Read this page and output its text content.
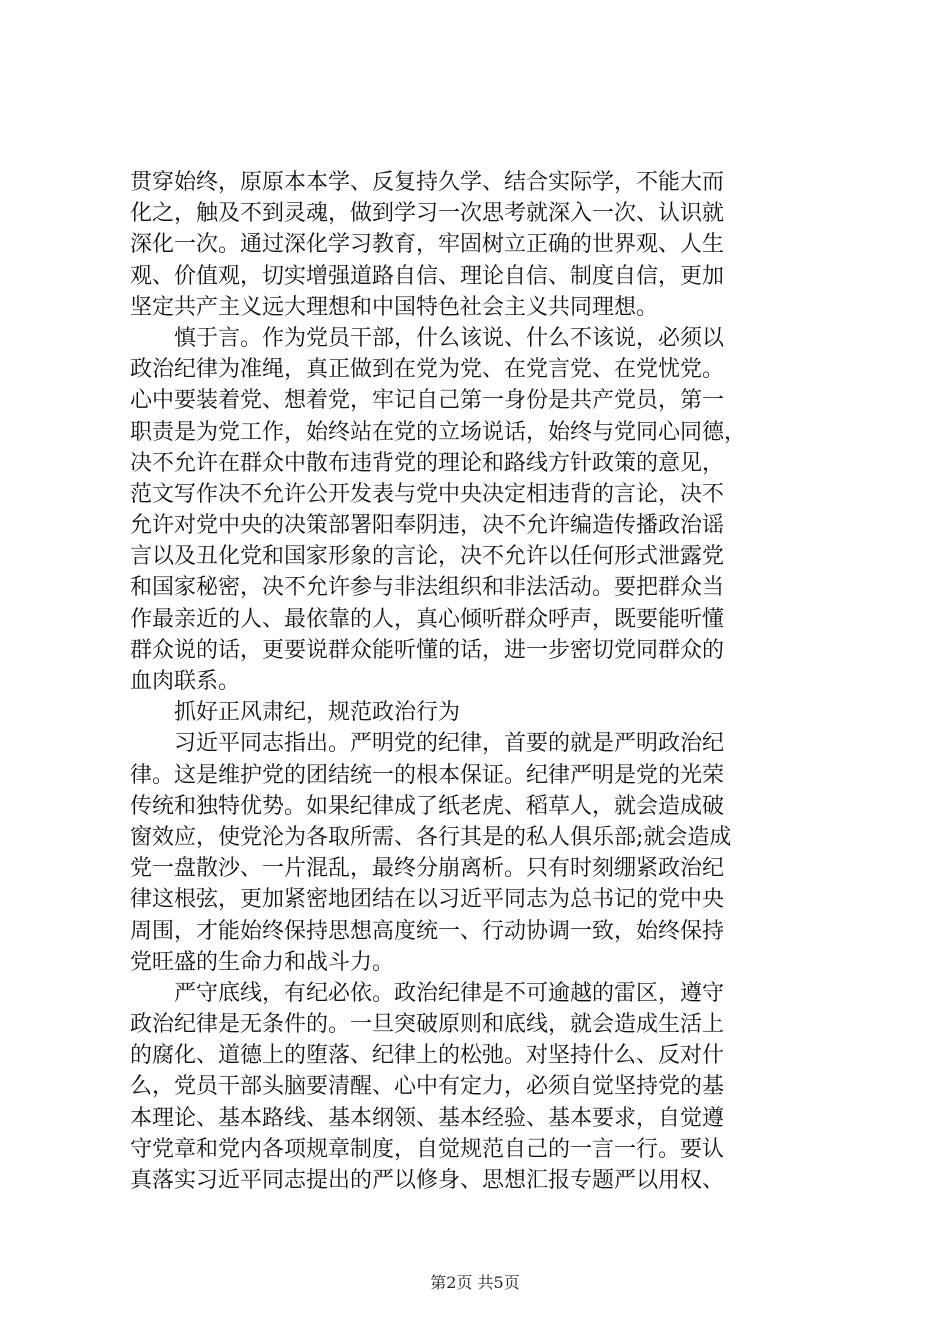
贯穿始终，原原本本学、反复持久学、结合实际学，不能大而
化之，触及不到灵魂，做到学习一次思考就深入一次、认识就
深化一次。通过深化学习教育，牢固树立正确的世界观、人生
观、价值观，切实增强道路自信、理论自信、制度自信，更加
坚定共产主义远大理想和中国特色社会主义共同理想。
慎于言。作为党员干部，什么该说、什么不该说，必须以
政治纪律为准绳，真正做到在党为党、在党言党、在党忧党。
心中要装着党、想着党，牢记自己第一身份是共产党员，第一
职责是为党工作，始终站在党的立场说话，始终与党同心同德，
决不允许在群众中散布违背党的理论和路线方针政策的意见，
范文写作决不允许公开发表与党中央决定相违背的言论，决不
允许对党中央的决策部署阳奉阴违，决不允许编造传播政治谣
言以及丑化党和国家形象的言论，决不允许以任何形式泄露党
和国家秘密，决不允许参与非法组织和非法活动。要把群众当
作最亲近的人、最依靠的人，真心倾听群众呼声，既要能听懂
群众说的话，更要说群众能听懂的话，进一步密切党同群众的
血肉联系。
抓好正风肃纪，规范政治行为
习近平同志指出。严明党的纪律，首要的就是严明政治纪
律。这是维护党的团结统一的根本保证。纪律严明是党的光荣
传统和独特优势。如果纪律成了纸老虎、稻草人，就会造成破
窗效应，使党沦为各取所需、各行其是的私人俱乐部;就会造成
党一盘散沙、一片混乱，最终分崩离析。只有时刻绷紧政治纪
律这根弦，更加紧密地团结在以习近平同志为总书记的党中央
周围，才能始终保持思想高度统一、行动协调一致，始终保持
党旺盛的生命力和战斗力。
严守底线，有纪必依。政治纪律是不可逾越的雷区，遵守
政治纪律是无条件的。一旦突破原则和底线，就会造成生活上
的腐化、道德上的堕落、纪律上的松弛。对坚持什么、反对什
么，党员干部头脑要清醒、心中有定力，必须自觉坚持党的基
本理论、基本路线、基本纲领、基本经验、基本要求，自觉遵
守党章和党内各项规章制度，自觉规范自己的一言一行。要认
真落实习近平同志提出的严以修身、思想汇报专题严以用权、
第2页 共5页
